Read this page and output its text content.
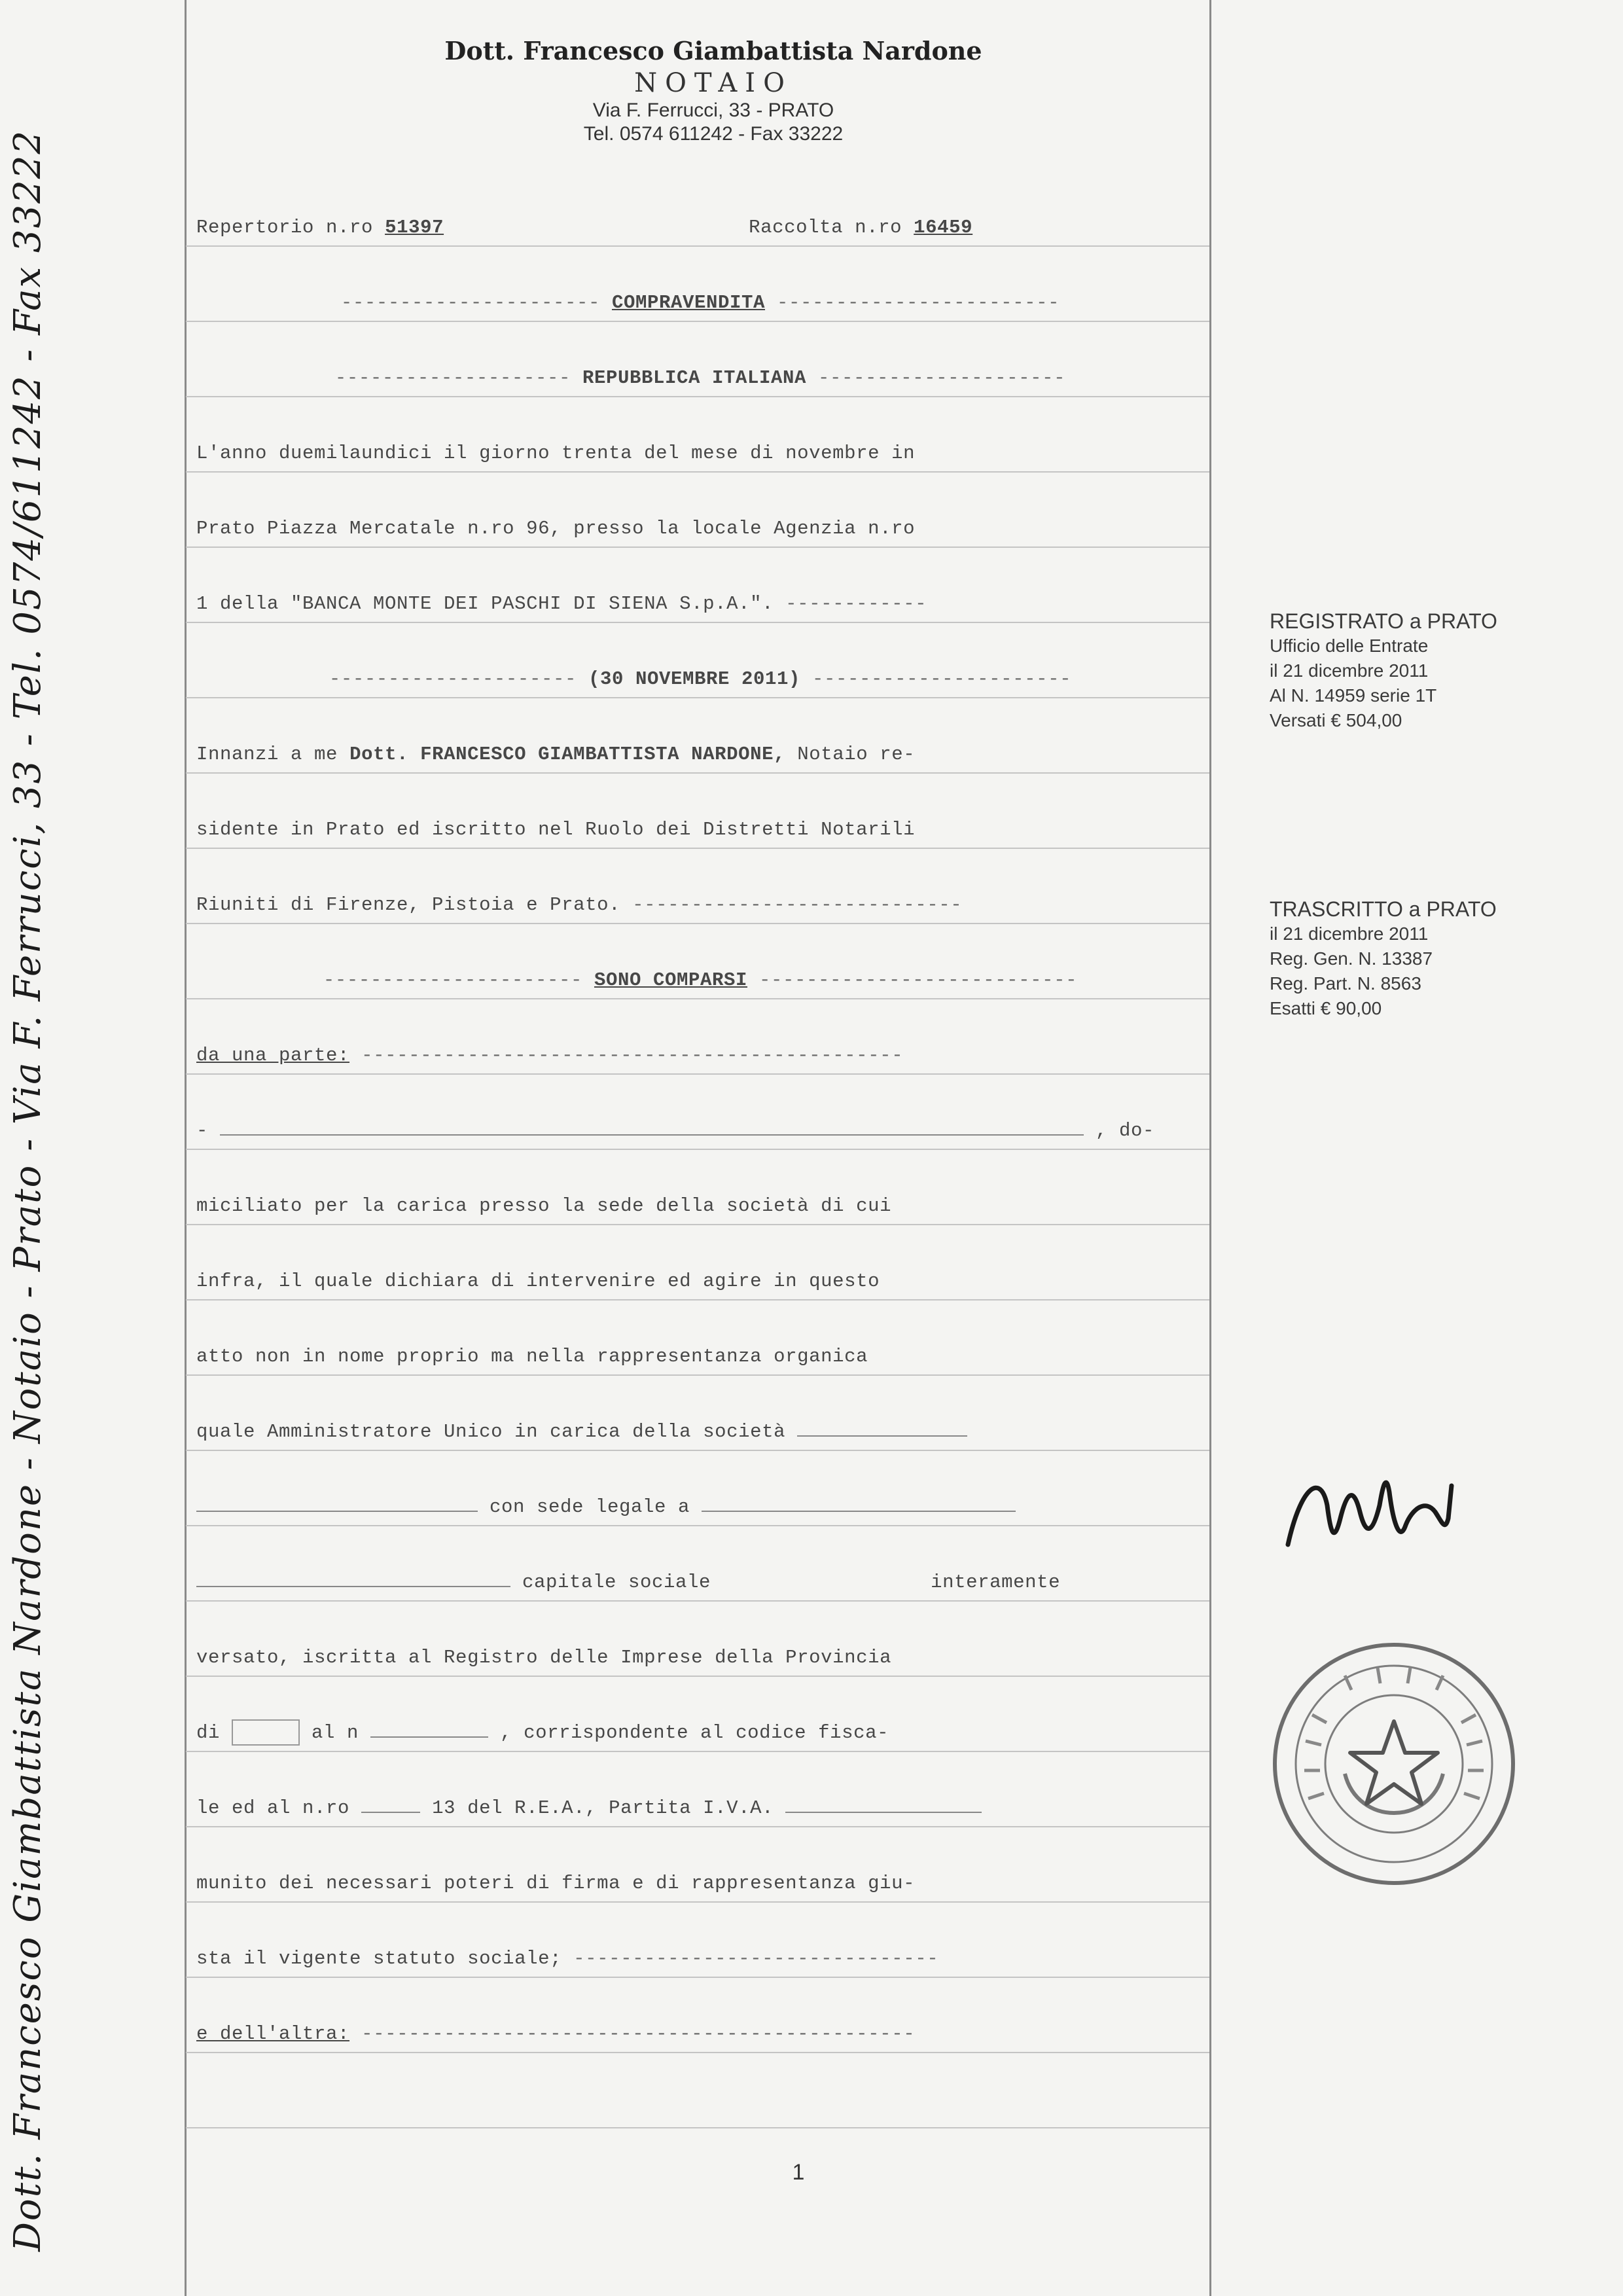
Dott. Francesco Giambattista Nardone - Notaio - Prato - Via F. Ferrucci, 33 - Tel. 0574/611242 - Fax 33222
Dott. Francesco Giambattista Nardone
NOTAIO
Via F. Ferrucci, 33 - PRATO
Tel. 0574 611242 - Fax 33222
Repertorio n.ro 51397	Raccolta n.ro 16459
---------------------- COMPRAVENDITA ------------------------
-------------------- REPUBBLICA ITALIANA ---------------------
L'anno duemilaundici il giorno trenta del mese di novembre in
Prato Piazza Mercatale n.ro 96, presso la locale Agenzia n.ro
1 della "BANCA MONTE DEI PASCHI DI SIENA S.p.A.". ------------
--------------------- (30 NOVEMBRE 2011) ----------------------
Innanzi a me Dott. FRANCESCO GIAMBATTISTA NARDONE, Notaio re-
sidente in Prato ed iscritto nel Ruolo dei Distretti Notarili
Riuniti di Firenze, Pistoia e Prato. ----------------------------
---------------------- SONO COMPARSI ---------------------------
da una parte: ----------------------------------------------
-	, do-
miciliato per la carica presso la sede della società di cui
infra, il quale dichiara di intervenire ed agire in questo
atto non in nome proprio ma nella rappresentanza organica
quale Amministratore Unico in carica della società
con sede legale a
capitale sociale	interamente
versato, iscritta al Registro delle Imprese della Provincia
di	al n	, corrispondente al codice fisca-
le ed al n.ro	13 del R.E.A., Partita I.V.A.
munito dei necessari poteri di firma e di rappresentanza giu-
sta il vigente statuto sociale; -------------------------------
e dell'altra: -----------------------------------------------
REGISTRATO a PRATO
Ufficio delle Entrate
il 21 dicembre 2011
Al N. 14959 serie 1T
Versati € 504,00
TRASCRITTO a PRATO
il 21 dicembre 2011
Reg. Gen. N. 13387
Reg. Part. N. 8563
Esatti € 90,00
1
